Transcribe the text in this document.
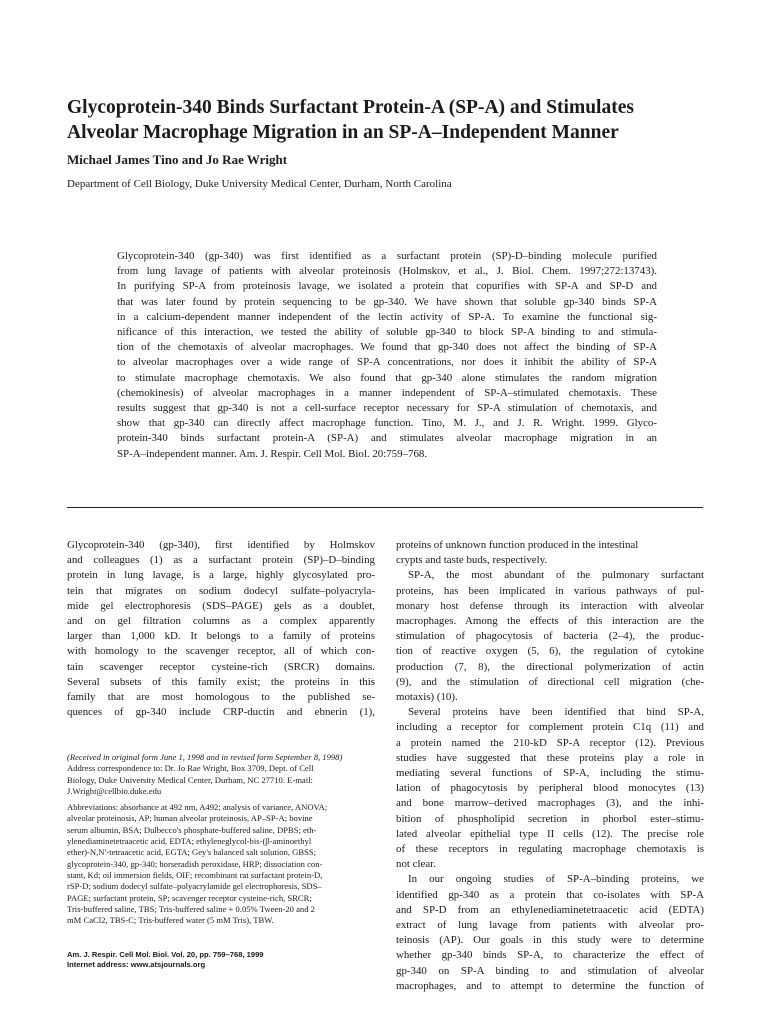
Glycoprotein-340 Binds Surfactant Protein-A (SP-A) and Stimulates
Alveolar Macrophage Migration in an SP-A–Independent Manner
Michael James Tino and Jo Rae Wright
Department of Cell Biology, Duke University Medical Center, Durham, North Carolina
Glycoprotein-340 (gp-340) was first identified as a surfactant protein (SP)-D–binding molecule purified
from lung lavage of patients with alveolar proteinosis (Holmskov, et al., J. Biol. Chem. 1997;272:13743).
In purifying SP-A from proteinosis lavage, we isolated a protein that copurifies with SP-A and SP-D and
that was later found by protein sequencing to be gp-340. We have shown that soluble gp-340 binds SP-A
in a calcium-dependent manner independent of the lectin activity of SP-A. To examine the functional sig-
nificance of this interaction, we tested the ability of soluble gp-340 to block SP-A binding to and stimula-
tion of the chemotaxis of alveolar macrophages. We found that gp-340 does not affect the binding of SP-A
to alveolar macrophages over a wide range of SP-A concentrations, nor does it inhibit the ability of SP-A
to stimulate macrophage chemotaxis. We also found that gp-340 alone stimulates the random migration
(chemokinesis) of alveolar macrophages in a manner independent of SP-A–stimulated chemotaxis. These
results suggest that gp-340 is not a cell-surface receptor necessary for SP-A stimulation of chemotaxis, and
show that gp-340 can directly affect macrophage function. Tino, M. J., and J. R. Wright. 1999. Glyco-
protein-340 binds surfactant protein-A (SP-A) and stimulates alveolar macrophage migration in an
SP-A–independent manner. Am. J. Respir. Cell Mol. Biol. 20:759–768.
Glycoprotein-340 (gp-340), first identified by Holmskov
and colleagues (1) as a surfactant protein (SP)–D–binding
protein in lung lavage, is a large, highly glycosylated pro-
tein that migrates on sodium dodecyl sulfate–polyacryla-
mide gel electrophoresis (SDS–PAGE) gels as a doublet,
and on gel filtration columns as a complex apparently
larger than 1,000 kD. It belongs to a family of proteins
with homology to the scavenger receptor, all of which con-
tain scavenger receptor cysteine-rich (SRCR) domains.
Several subsets of this family exist; the proteins in this
family that are most homologous to the published se-
quences of gp-340 include CRP-ductin and ebnerin (1),
(Received in original form June 1, 1998 and in revised form September 8, 1998)
Address correspondence to: Dr. Jo Rae Wright, Box 3709, Dept. of Cell
Biology, Duke University Medical Center, Durham, NC 27710. E-mail:
J.Wright@cellbio.duke.edu
Abbreviations: absorbance at 492 nm, A492; analysis of variance, ANOVA;
alveolar proteinosis, AP; human alveolar proteinosis, AP–SP-A; bovine
serum albumin, BSA; Dulbecco's phosphate-buffered saline, DPBS; eth-
ylenediaminetetraacetic acid, EDTA; ethyleneglycol-bis-(β-aminoethyl
ether)-N,N′-tetraacetic acid, EGTA; Gey's balanced salt solution, GBSS;
glycoprotein-340, gp-340; horseradish peroxidase, HRP; dissociation con-
stant, Kd; oil immersion fields, OIF; recombinant rat surfactant protein-D,
rSP-D; sodium dodecyl sulfate–polyacrylamide gel electrophoresis, SDS–
PAGE; surfactant protein, SP; scavenger receptor cysteine-rich, SRCR;
Tris-buffered saline, TBS; Tris-buffered saline + 0.05% Tween-20 and 2
mM CaCl2, TBS-C; Tris-buffered water (5 mM Tris), TBW.
Am. J. Respir. Cell Mol. Biol. Vol. 20, pp. 759–768, 1999
Internet address: www.atsjournals.org
proteins of unknown function produced in the intestinal
crypts and taste buds, respectively.
SP-A, the most abundant of the pulmonary surfactant
proteins, has been implicated in various pathways of pul-
monary host defense through its interaction with alveolar
macrophages. Among the effects of this interaction are the
stimulation of phagocytosis of bacteria (2–4), the produc-
tion of reactive oxygen (5, 6), the regulation of cytokine
production (7, 8), the directional polymerization of actin
(9), and the stimulation of directional cell migration (che-
motaxis) (10).
Several proteins have been identified that bind SP-A,
including a receptor for complement protein C1q (11) and
a protein named the 210-kD SP-A receptor (12). Previous
studies have suggested that these proteins play a role in
mediating several functions of SP-A, including the stimu-
lation of phagocytosis by peripheral blood monocytes (13)
and bone marrow–derived macrophages (3), and the inhi-
bition of phospholipid secretion in phorbol ester–stimu-
lated alveolar epithelial type II cells (12). The precise role
of these receptors in regulating macrophage chemotaxis is
not clear.
In our ongoing studies of SP-A–binding proteins, we
identified gp-340 as a protein that co-isolates with SP-A
and SP-D from an ethylenediaminetetraacetic acid (EDTA)
extract of lung lavage from patients with alveolar pro-
teinosis (AP). Our goals in this study were to determine
whether gp-340 binds SP-A, to characterize the effect of
gp-340 on SP-A binding to and stimulation of alveolar
macrophages, and to attempt to determine the function of
